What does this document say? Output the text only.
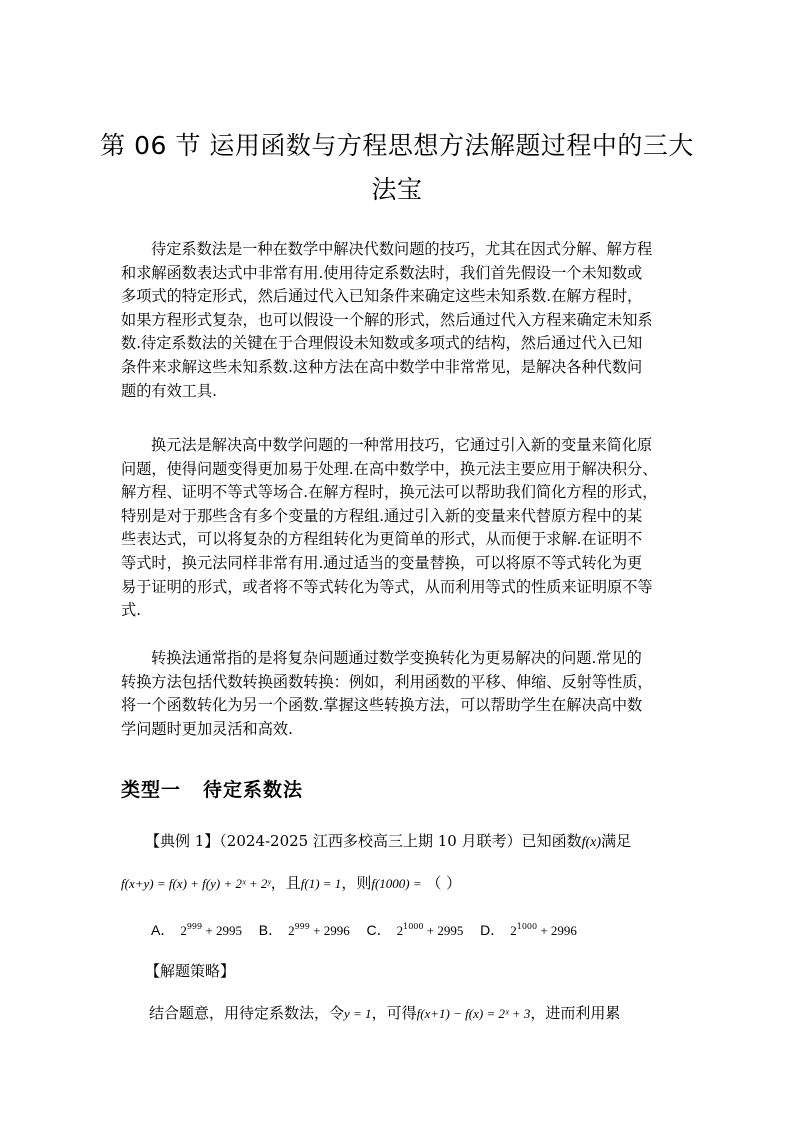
第 06 节 运用函数与方程思想方法解题过程中的三大
法宝
待定系数法是一种在数学中解决代数问题的技巧，尤其在因式分解、解方程
和求解函数表达式中非常有用.使用待定系数法时，我们首先假设一个未知数或
多项式的特定形式，然后通过代入已知条件来确定这些未知系数.在解方程时，
如果方程形式复杂，也可以假设一个解的形式，然后通过代入方程来确定未知系
数.待定系数法的关键在于合理假设未知数或多项式的结构，然后通过代入已知
条件来求解这些未知系数.这种方法在高中数学中非常常见，是解决各种代数问
题的有效工具.
换元法是解决高中数学问题的一种常用技巧，它通过引入新的变量来简化原
问题，使得问题变得更加易于处理.在高中数学中，换元法主要应用于解决积分、
解方程、证明不等式等场合.在解方程时，换元法可以帮助我们简化方程的形式，
特别是对于那些含有多个变量的方程组.通过引入新的变量来代替原方程中的某
些表达式，可以将复杂的方程组转化为更简单的形式，从而便于求解.在证明不
等式时，换元法同样非常有用.通过适当的变量替换，可以将原不等式转化为更
易于证明的形式，或者将不等式转化为等式，从而利用等式的性质来证明原不等
式.
转换法通常指的是将复杂问题通过数学变换转化为更易解决的问题.常见的
转换方法包括代数转换函数转换：例如，利用函数的平移、伸缩、反射等性质，
将一个函数转化为另一个函数.掌握这些转换方法，可以帮助学生在解决高中数
学问题时更加灵活和高效.
类型一 待定系数法
【典例 1】（2024-2025 江西多校高三上期 10 月联考）已知函数f(x)满足
f(x+y) = f(x) + f(y) + 2ˣ + 2ʸ，且f(1) = 1，则f(1000) = （ ）
A． $2^{999} + 2995$ B． $2^{999} + 2996$ C． $2^{1000} + 2995$ D． $2^{1000} + 2996$
【解题策略】
结合题意，用待定系数法，令y = 1，可得f(x+1) − f(x) = 2ˣ + 3，进而利用累
